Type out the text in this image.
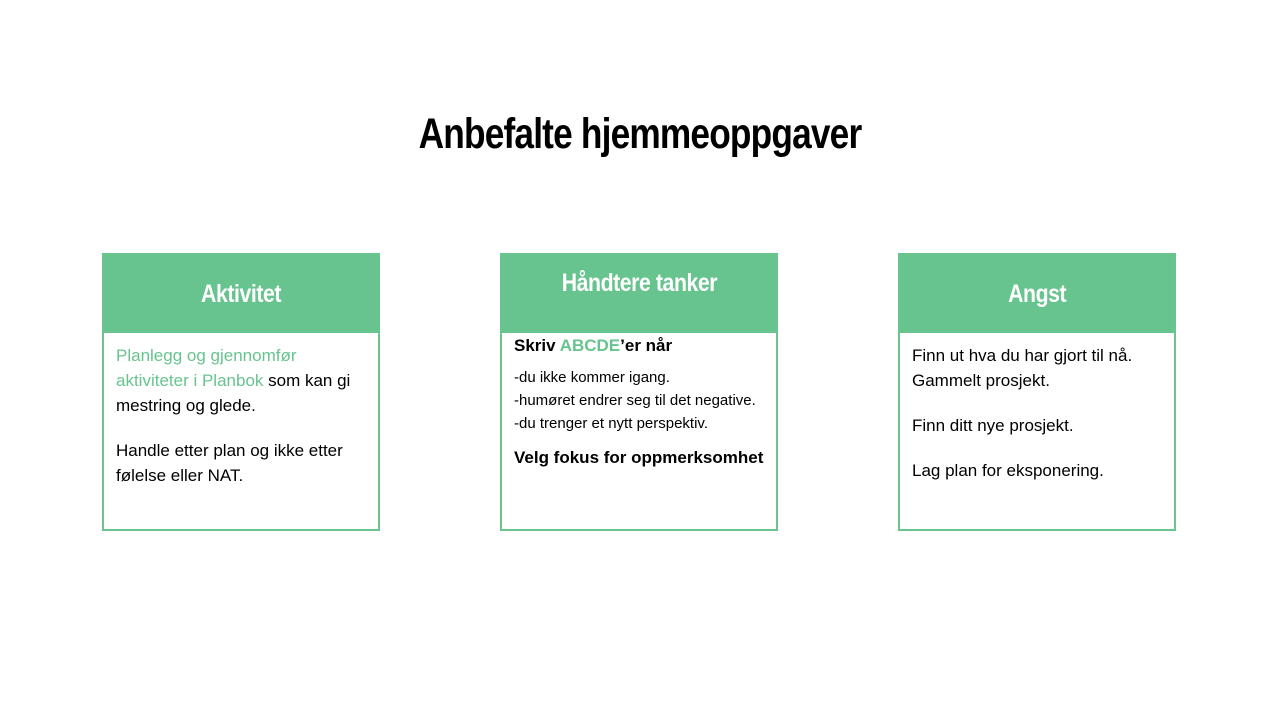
Anbefalte hjemmeoppgaver
Aktivitet

Planlegg og gjennomfør aktiviteter i Planbok som kan gi mestring og glede.

Handle etter plan og ikke etter følelse eller NAT.

Håndtere tanker
Skriv ABCDE’er når
-du ikke kommer igang.
-humøret endrer seg til det negative.
-du trenger et nytt perspektiv.
Velg fokus for oppmerksomhet
Angst

Finn ut hva du har gjort til nå. Gammelt prosjekt.

Finn ditt nye prosjekt.

Lag plan for eksponering.
